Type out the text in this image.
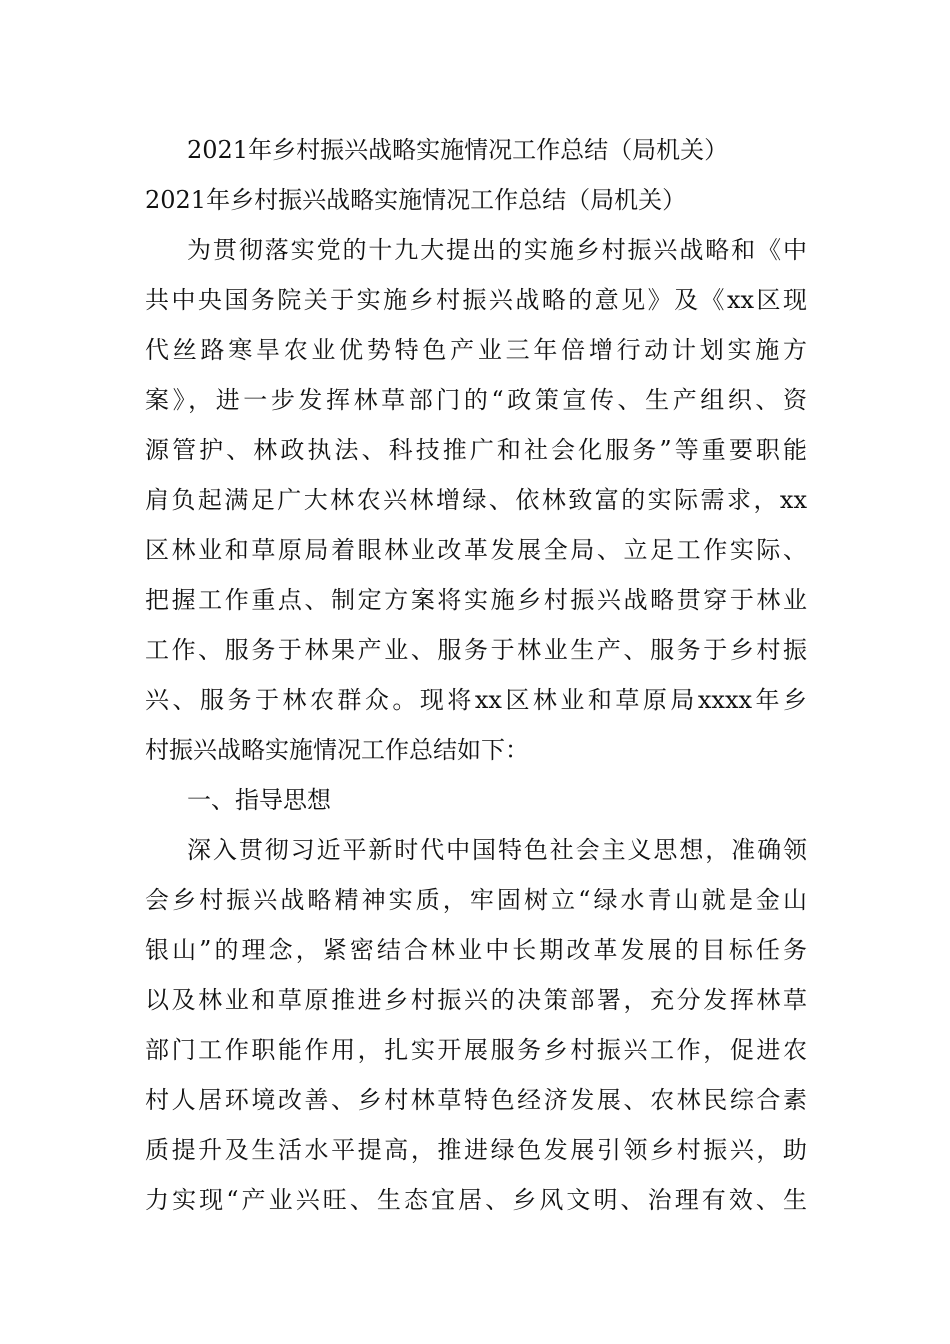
2021年乡村振兴战略实施情况工作总结（局机关）
2021年乡村振兴战略实施情况工作总结（局机关）
为贯彻落实党的十九大提出的实施乡村振兴战略和《中
共中央国务院关于实施乡村振兴战略的意见》及《xx区现
代丝路寒旱农业优势特色产业三年倍增行动计划实施方
案》，进一步发挥林草部门的“政策宣传、生产组织、资
源管护、林政执法、科技推广和社会化服务”等重要职能
肩负起满足广大林农兴林增绿、依林致富的实际需求，xx
区林业和草原局着眼林业改革发展全局、立足工作实际、
把握工作重点、制定方案将实施乡村振兴战略贯穿于林业
工作、服务于林果产业、服务于林业生产、服务于乡村振
兴、服务于林农群众。现将xx区林业和草原局xxxx年乡
村振兴战略实施情况工作总结如下：
一、指导思想
深入贯彻习近平新时代中国特色社会主义思想，准确领
会乡村振兴战略精神实质，牢固树立“绿水青山就是金山
银山”的理念，紧密结合林业中长期改革发展的目标任务
以及林业和草原推进乡村振兴的决策部署，充分发挥林草
部门工作职能作用，扎实开展服务乡村振兴工作，促进农
村人居环境改善、乡村林草特色经济发展、农林民综合素
质提升及生活水平提高，推进绿色发展引领乡村振兴，助
力实现“产业兴旺、生态宜居、乡风文明、治理有效、生
